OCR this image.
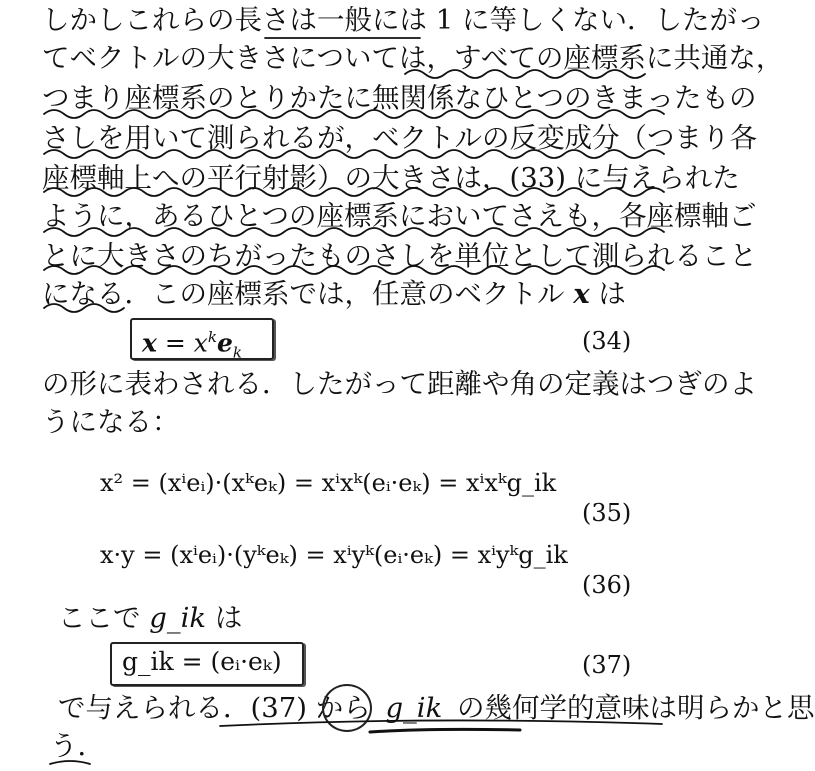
しかしこれらの長さは一般には 1 に等しくない．したがっ
てベクトルの大きさについては，すべての座標系に共通な，
つまり座標系のとりかたに無関係なひとつのきまったもの
さしを用いて測られるが，ベクトルの反変成分（つまり各
座標軸上への平行射影）の大きさは，(33) に与えられた
ように，あるひとつの座標系においてさえも，各座標軸ご
とに大きさのちがったものさしを単位として測られること
になる．この座標系では，任意のベクトル x は
$x = x^ke_k$	(34)
の形に表わされる．したがって距離や角の定義はつぎのよ
うになる：
x² = (xⁱeᵢ)·(xᵏeₖ) = xⁱxᵏ(eᵢ·eₖ) = xⁱxᵏg_ik
(35)
x·y = (xⁱeᵢ)·(yᵏeₖ) = xⁱyᵏ(eᵢ·eₖ) = xⁱyᵏg_ik
(36)
ここで g_ik は
g_ik = (eᵢ·eₖ)	(37)
で与えられる．(37) から g_ik の幾何学的意味は明らかと思
う．
